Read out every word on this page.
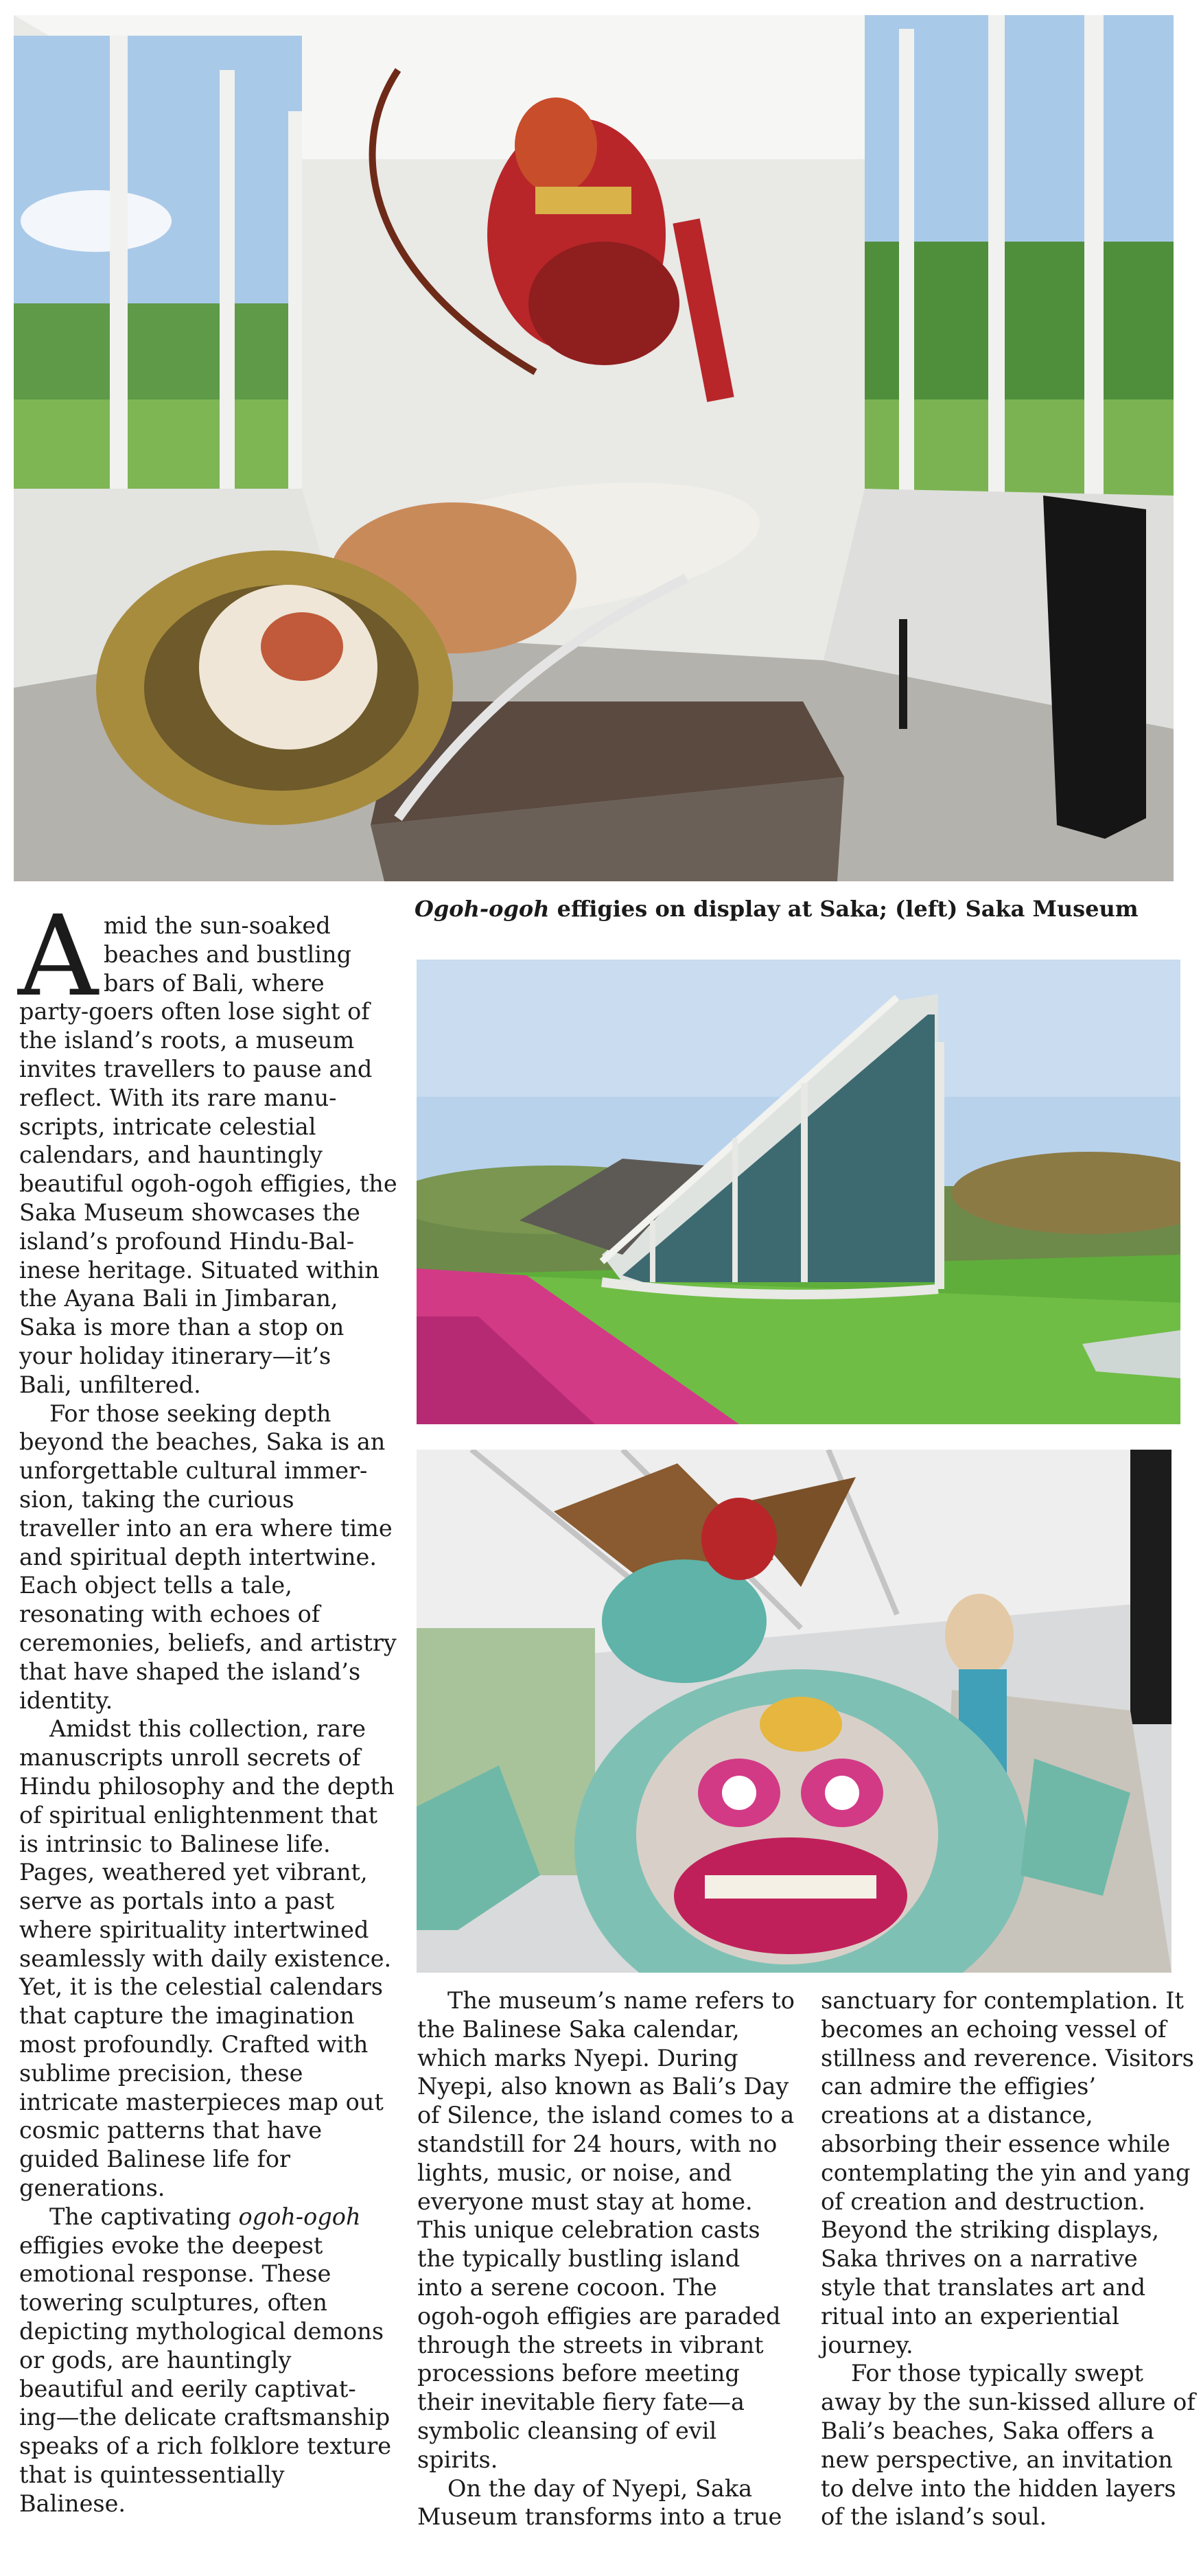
Ogoh-ogoh effigies on display at Saka; (left) Saka Museum

A mid the sun-soaked
beaches and bustling
bars of Bali, where
party-goers often lose sight of
the island’s roots, a museum
invites travellers to pause and
reflect. With its rare manu-
scripts, intricate celestial
calendars, and hauntingly
beautiful ogoh-ogoh effigies, the
Saka Museum showcases the
island’s profound Hindu-Bal-
inese heritage. Situated within
the Ayana Bali in Jimbaran,
Saka is more than a stop on
your holiday itinerary—it’s
Bali, unfiltered.

For those seeking depth
beyond the beaches, Saka is an
unforgettable cultural immer-
sion, taking the curious
traveller into an era where time
and spiritual depth intertwine.
Each object tells a tale,
resonating with echoes of
ceremonies, beliefs, and artistry
that have shaped the island’s
identity.

Amidst this collection, rare
manuscripts unroll secrets of
Hindu philosophy and the depth
of spiritual enlightenment that
is intrinsic to Balinese life.
Pages, weathered yet vibrant,
serve as portals into a past
where spirituality intertwined
seamlessly with daily existence.
Yet, it is the celestial calendars
that capture the imagination
most profoundly. Crafted with
sublime precision, these
intricate masterpieces map out
cosmic patterns that have
guided Balinese life for
generations.

The captivating ogoh-ogoh
effigies evoke the deepest
emotional response. These
towering sculptures, often
depicting mythological demons
or gods, are hauntingly
beautiful and eerily captivat-
ing—the delicate craftsmanship
speaks of a rich folklore texture
that is quintessentially
Balinese.

The museum’s name refers to
the Balinese Saka calendar,
which marks Nyepi. During
Nyepi, also known as Bali’s Day
of Silence, the island comes to a
standstill for 24 hours, with no
lights, music, or noise, and
everyone must stay at home.
This unique celebration casts
the typically bustling island
into a serene cocoon. The
ogoh-ogoh effigies are paraded
through the streets in vibrant
processions before meeting
their inevitable fiery fate—a
symbolic cleansing of evil
spirits.

On the day of Nyepi, Saka
Museum transforms into a true

sanctuary for contemplation. It
becomes an echoing vessel of
stillness and reverence. Visitors
can admire the effigies’
creations at a distance,
absorbing their essence while
contemplating the yin and yang
of creation and destruction.
Beyond the striking displays,
Saka thrives on a narrative
style that translates art and
ritual into an experiential
journey.

For those typically swept
away by the sun-kissed allure of
Bali’s beaches, Saka offers a
new perspective, an invitation
to delve into the hidden layers
of the island’s soul.
